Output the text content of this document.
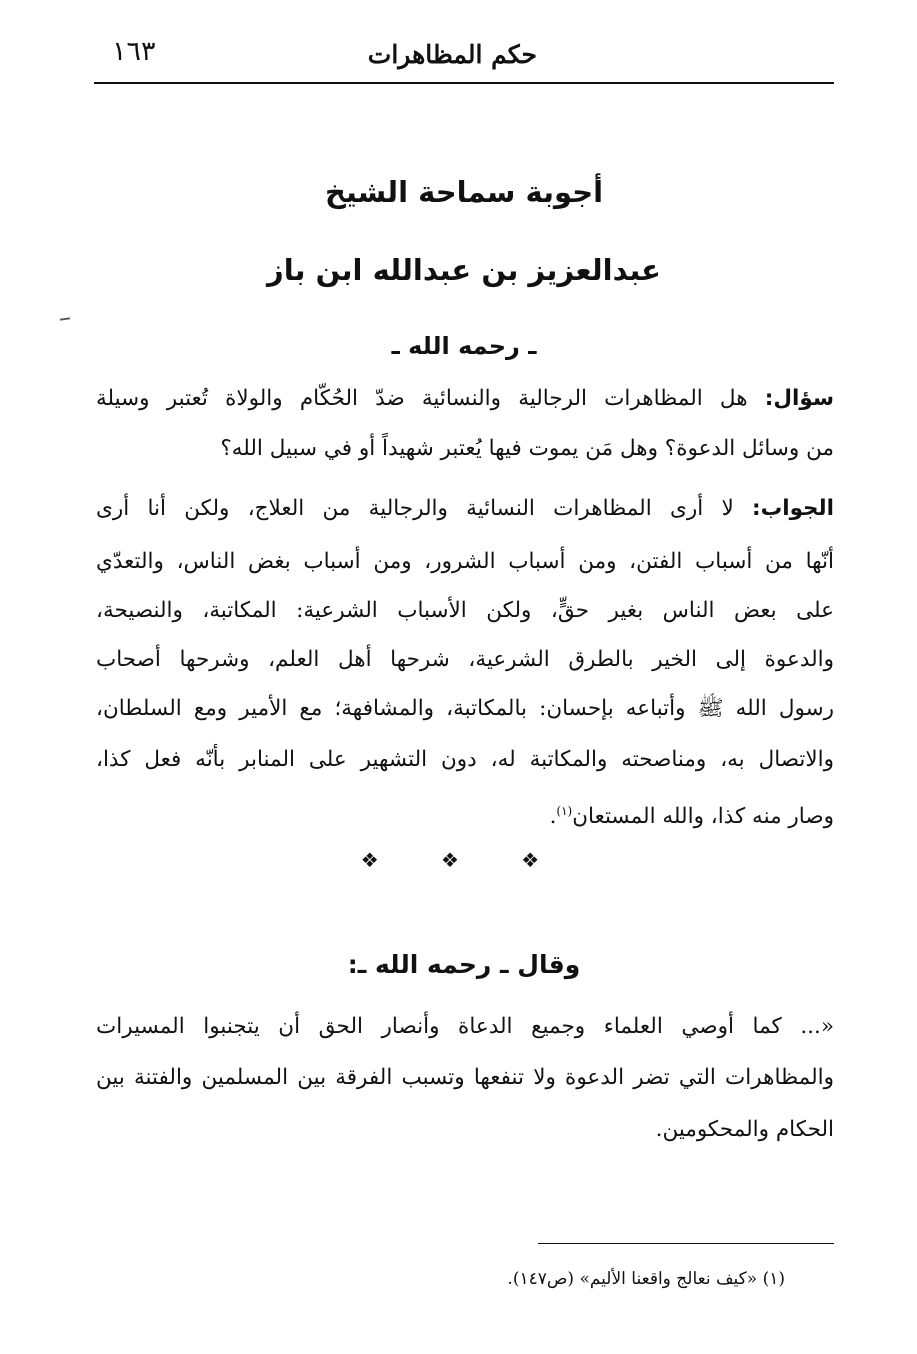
حكم المظاهرات
١٦٣
أجوبة سماحة الشيخ
عبدالعزيز بن عبدالله ابن باز
ـ رحمه الله ـ
سؤال: هل المظاهرات الرجالية والنسائية ضدّ الحُكّام والولاة تُعتبر وسيلة
من وسائل الدعوة؟ وهل مَن يموت فيها يُعتبر شهيداً أو في سبيل الله؟
الجواب: لا أرى المظاهرات النسائية والرجالية من العلاج، ولكن أنا أرى
أنّها من أسباب الفتن، ومن أسباب الشرور، ومن أسباب بغض الناس، والتعدّي
على بعض الناس بغير حقٍّ، ولكن الأسباب الشرعية: المكاتبة، والنصيحة،
والدعوة إلى الخير بالطرق الشرعية، شرحها أهل العلم، وشرحها أصحاب
رسول الله ﷺ وأتباعه بإحسان: بالمكاتبة، والمشافهة؛ مع الأمير ومع السلطان،
والاتصال به، ومناصحته والمكاتبة له، دون التشهير على المنابر بأنّه فعل كذا،
وصار منه كذا، والله المستعان$^{(١)}$.
❖ ❖ ❖
وقال ـ رحمه الله ـ:
«... كما أوصي العلماء وجميع الدعاة وأنصار الحق أن يتجنبوا المسيرات
والمظاهرات التي تضر الدعوة ولا تنفعها وتسبب الفرقة بين المسلمين والفتنة بين
الحكام والمحكومين.
(١) «كيف نعالج واقعنا الأليم» (ص١٤٧).
